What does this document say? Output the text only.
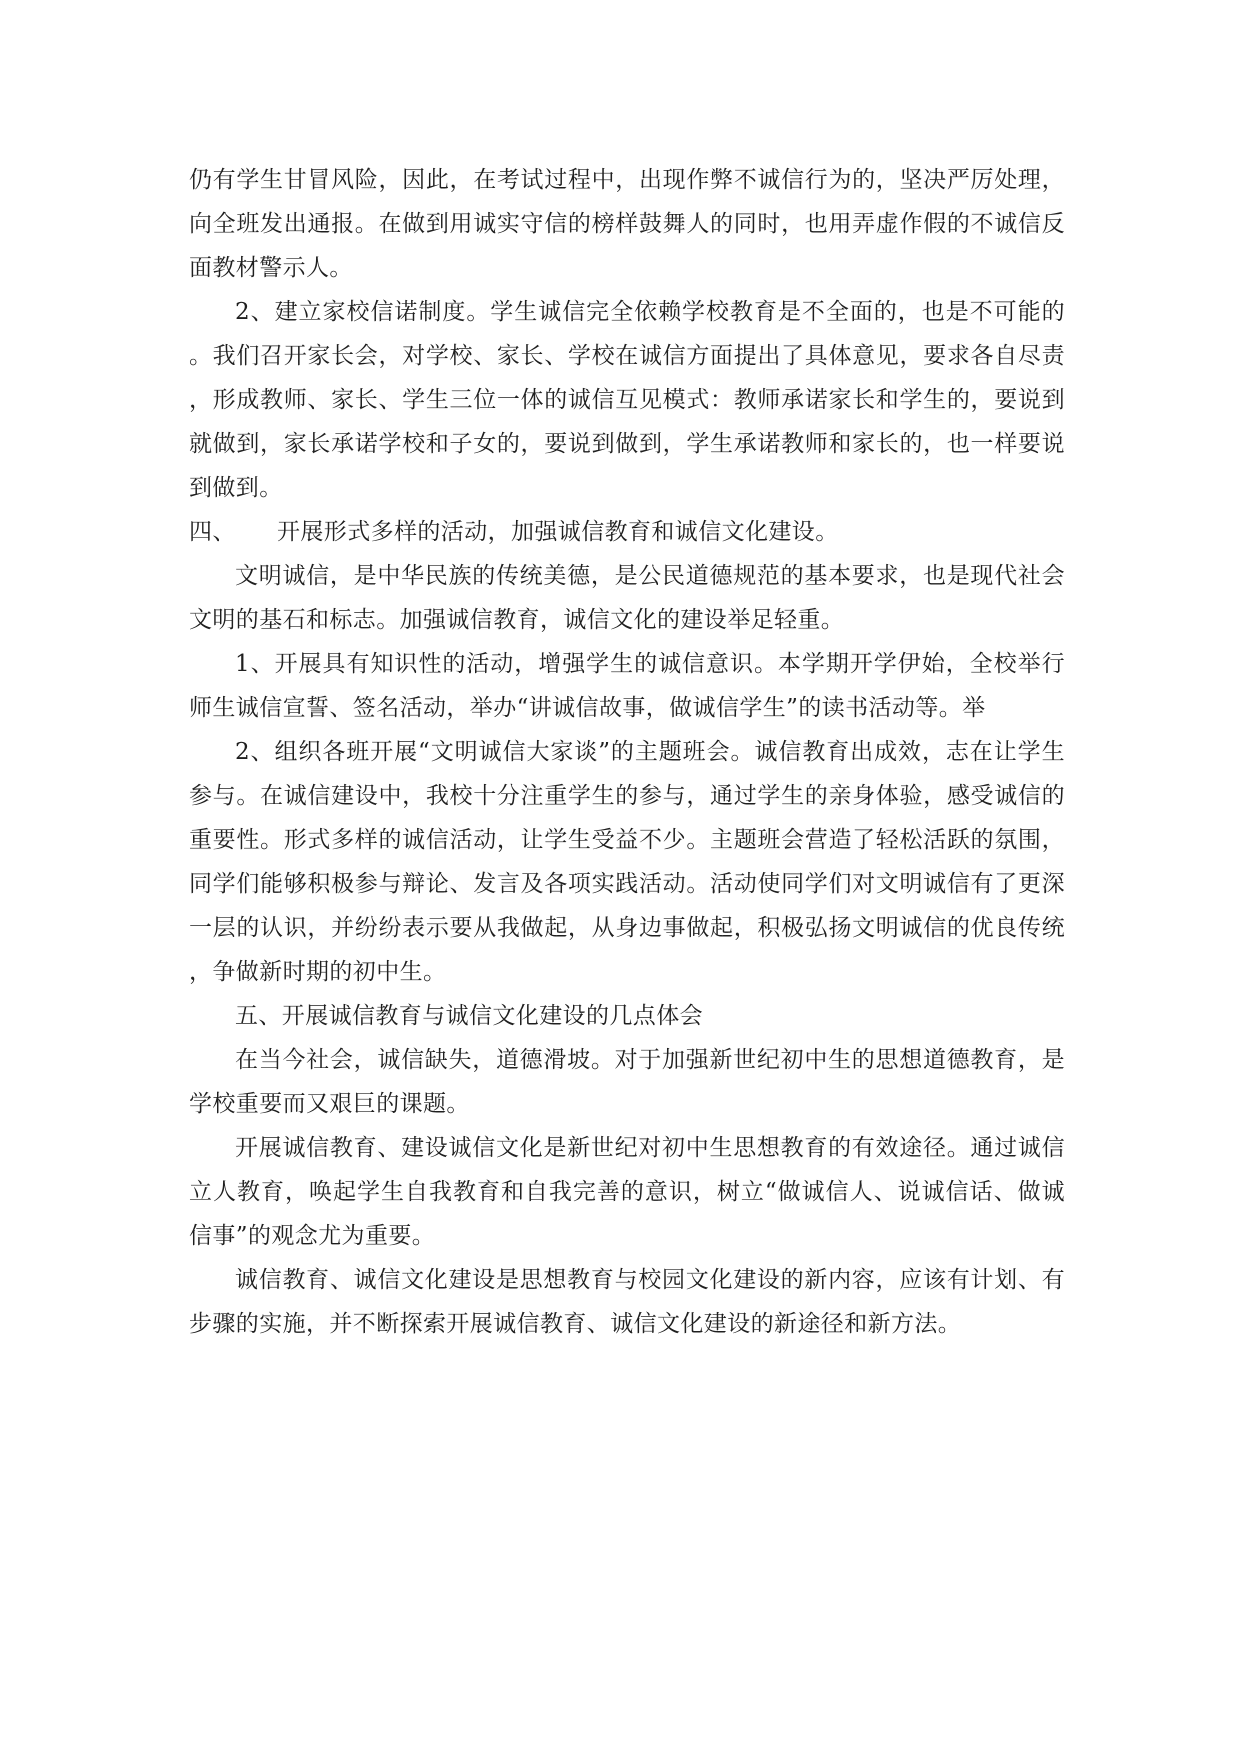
仍有学生甘冒风险，因此，在考试过程中，出现作弊不诚信行为的，坚决严厉处理，向全班发出通报。在做到用诚实守信的榜样鼓舞人的同时，也用弄虚作假的不诚信反面教材警示人。

2、建立家校信诺制度。学生诚信完全依赖学校教育是不全面的，也是不可能的。我们召开家长会，对学校、家长、学校在诚信方面提出了具体意见，要求各自尽责，形成教师、家长、学生三位一体的诚信互见模式：教师承诺家长和学生的，要说到就做到，家长承诺学校和子女的，要说到做到，学生承诺教师和家长的，也一样要说到做到。

四、	开展形式多样的活动，加强诚信教育和诚信文化建设。

文明诚信，是中华民族的传统美德，是公民道德规范的基本要求，也是现代社会文明的基石和标志。加强诚信教育，诚信文化的建设举足轻重。

1、开展具有知识性的活动，增强学生的诚信意识。本学期开学伊始，全校举行师生诚信宣誓、签名活动，举办“讲诚信故事，做诚信学生”的读书活动等。举

2、组织各班开展“文明诚信大家谈”的主题班会。诚信教育出成效，志在让学生参与。在诚信建设中，我校十分注重学生的参与，通过学生的亲身体验，感受诚信的重要性。形式多样的诚信活动，让学生受益不少。主题班会营造了轻松活跃的氛围，同学们能够积极参与辩论、发言及各项实践活动。活动使同学们对文明诚信有了更深一层的认识，并纷纷表示要从我做起，从身边事做起，积极弘扬文明诚信的优良传统，争做新时期的初中生。

五、开展诚信教育与诚信文化建设的几点体会

在当今社会，诚信缺失，道德滑坡。对于加强新世纪初中生的思想道德教育，是学校重要而又艰巨的课题。

开展诚信教育、建设诚信文化是新世纪对初中生思想教育的有效途径。通过诚信立人教育，唤起学生自我教育和自我完善的意识，树立“做诚信人、说诚信话、做诚信事”的观念尤为重要。

诚信教育、诚信文化建设是思想教育与校园文化建设的新内容，应该有计划、有步骤的实施，并不断探索开展诚信教育、诚信文化建设的新途径和新方法。
